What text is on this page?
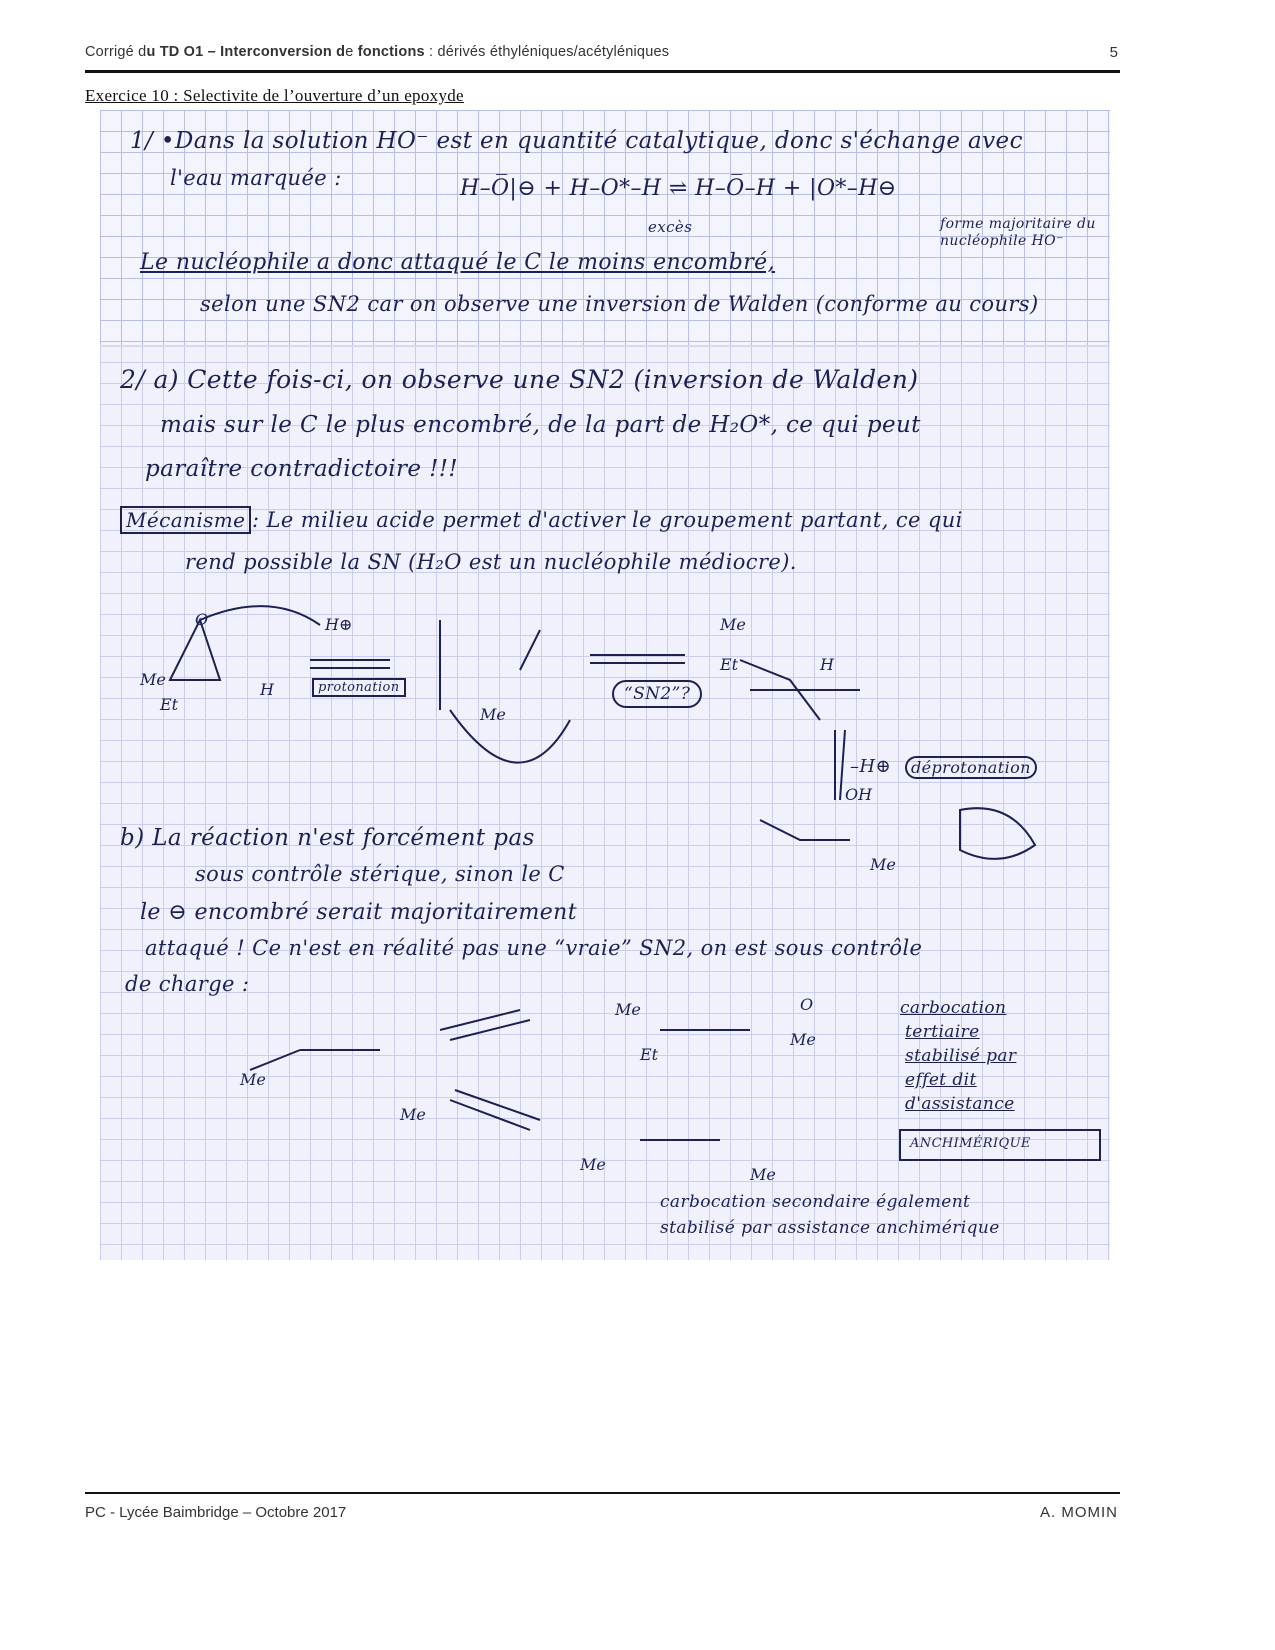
Corrigé du TD O1 – Interconversion de fonctions : dérivés éthyléniques/acétyléniques	5
Exercice 10 : Selectivite de l’ouverture d’un epoxyde
1/ •Dans la solution HO⁻ est en quantité catalytique, donc s'échange avec
l'eau marquée :	H–O̅|⊖ + H–O*–H ⇌ H–O̅–H + |O*–H⊖
excès	forme majoritaire du nucléophile HO⁻
Le nucléophile a donc attaqué le C le moins encombré,
selon une SN2 car on observe une inversion de Walden (conforme au cours)
2/ a) Cette fois-ci, on observe une SN2 (inversion de Walden)
mais sur le C le plus encombré, de la part de H₂O*, ce qui peut
paraître contradictoire !!!
Mécanisme : Le milieu acide permet d'activer le groupement partant, ce qui
rend possible la SN (H₂O est un nucléophile médiocre).
O	H⊕
Me
H
Et
Me
Me
Et	H
OH
Me
O
Me
Et
Me
Me
Me
Me
Me
protonation	“SN2”?
–H⊕	déprotonation
b) La réaction n'est forcément pas
sous contrôle stérique, sinon le C
le ⊖ encombré serait majoritairement
attaqué ! Ce n'est en réalité pas une “vraie” SN2, on est sous contrôle
de charge :
carbocation
tertiaire
stabilisé par
effet dit
d'assistance
ANCHIMÉRIQUE
carbocation secondaire également
stabilisé par assistance anchimérique
PC - Lycée Baimbridge – Octobre 2017	A. MOMIN
